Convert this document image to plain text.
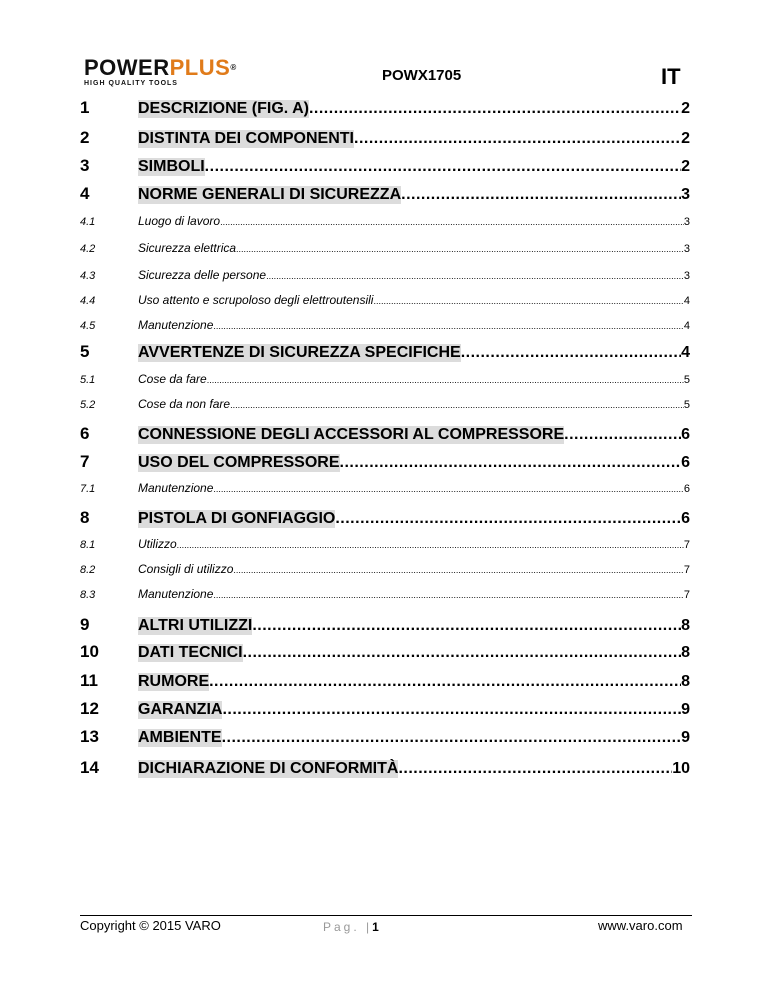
POWERPLUS®
HIGH QUALITY TOOLS	POWX1705	IT
1	DESCRIZIONE (FIG. A) .....	2
2	DISTINTA DEI COMPONENTI .....	2
3	SIMBOLI .....	2
4	NORME GENERALI DI SICUREZZA .....	3
4.1	Luogo di lavoro .....	3
4.2	Sicurezza elettrica .....	3
4.3	Sicurezza delle persone .....	3
4.4	Uso attento e scrupoloso degli elettroutensili .....	4
4.5	Manutenzione .....	4
5	AVVERTENZE DI SICUREZZA SPECIFICHE .....	4
5.1	Cose da fare .....	5
5.2	Cose da non fare .....	5
6	CONNESSIONE DEGLI ACCESSORI AL COMPRESSORE .....	6
7	USO DEL COMPRESSORE .....	6
7.1	Manutenzione .....	6
8	PISTOLA DI GONFIAGGIO .....	6
8.1	Utilizzo .....	7
8.2	Consigli di utilizzo .....	7
8.3	Manutenzione .....	7
9	ALTRI UTILIZZI .....	8
10	DATI TECNICI .....	8
11	RUMORE .....	8
12	GARANZIA .....	9
13	AMBIENTE .....	9
14	DICHIARAZIONE DI CONFORMITÀ .....	10
Copyright © 2015 VARO	Pag. |1	www.varo.com
